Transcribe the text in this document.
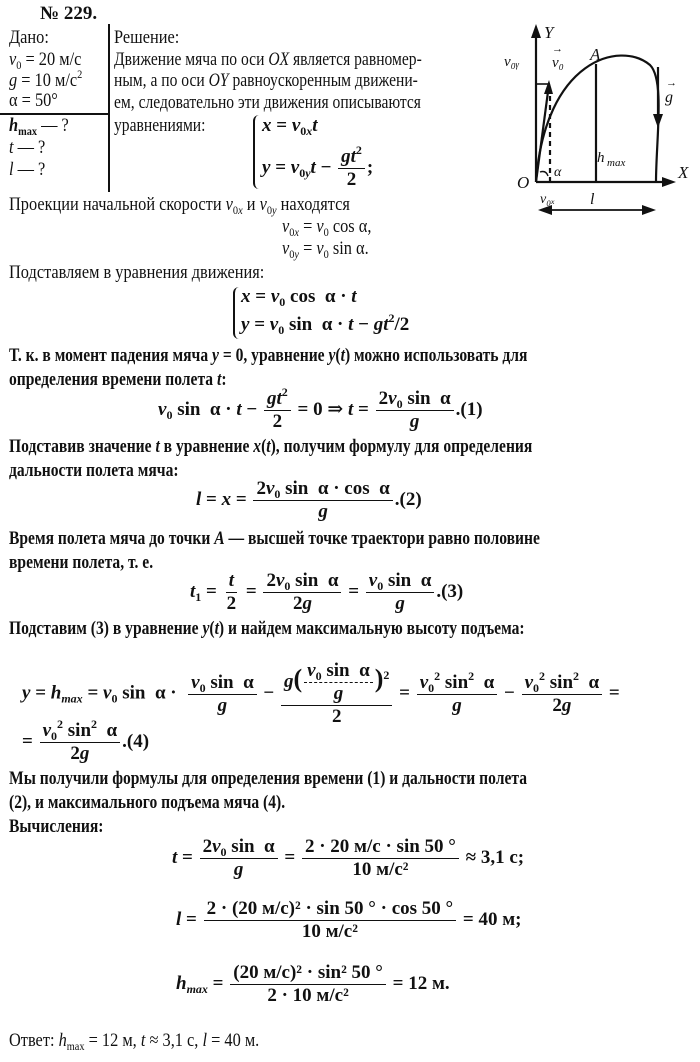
№ 229.
Дано:
$v_0 = 20$ м/с
g = 10 $м/с^2$
α = 50°
$h_{max}$ — ?
t — ?
l — ?
Решение:
Движение мяча по оси OX является равномер-
ным, а по оси OY равноускоренным движени-
ем, следовательно эти движения описываются
уравнениями:	$x = v_{0x}t$
$y = v_{0y}t - \frac{gt^2}{2}$ ;
Y
X
O
A
v₀
v₀ᵧ
v₀ₓ
α
h max
l
g
→
→
Проекции начальной скорости $v_{0x}$ и $v_{0y}$ находятся
$v_{0x} = v_0$ cos α,
$v_{0y} = v_0$ sin α.
Подставляем в уравнения движения:
$x = v_0$ cos  α · t
$y = v_0$ $\sin \alpha \cdot t - gt^2/2$
Т. к. в момент падения мяча y = 0, уравнение y(t) можно использовать для
определения времени полета t:
$v_0$ $\sin \alpha \cdot t - \frac{gt^2}{2} = 0$ ⇒ $t = \frac{2v_0 \sin \alpha}{g} .(1)$
Подставив значение t в уравнение x(t), получим формулу для определения
дальности полета мяча:
$l = x = \frac{2v_0 \sin \alpha \cdot \cos \alpha}{g} .(2)$
Время полета мяча до точки A — высшей точке траектори равно половине
времени полета, т. е.
$t_1 = \frac{t}{2} = \frac{2v_0 \sin \alpha}{2g} = \frac{v_0 \sin \alpha}{g} .(3)$
Подставим (3) в уравнение y(t) и найдем максимальную высоту подъема:
$y = h_{max} = v_0$ $\sin \alpha \cdot \frac{v_0 \sin \alpha}{g} - \frac{g( \frac{v_0 \sin \alpha}{g} )^2}{2} = \frac{v_0^2 \sin^2 \alpha}{g} - \frac{v_0^2 \sin^2 \alpha}{2g}$ =
= $\frac{v_0^2 \sin^2 \alpha}{2g} .(4)$
Мы получили формулы для определения времени (1) и дальности полета
(2), и максимального подъема мяча (4).
Вычисления:
$t = \frac{2v_0 \sin \alpha}{g} = \frac{2 \cdot 20 м/с \cdot \sin 50 ^\circ}{\text{10 м/с²}} \approx 3,1$ с;
$l = \frac{\text{2 · (20 м/с)² · sin 50 ° · cos 50 °}}{\text{10 м/с²}} = 40$ м;
$h_{max} = \frac{\text{(20 м/с)² · sin² 50 °}}{\text{2 · 10 м/с²}} = 12$ м.
Ответ: $h_{max} = 12$ м, t ≈ 3,1 с, l = 40 м.
